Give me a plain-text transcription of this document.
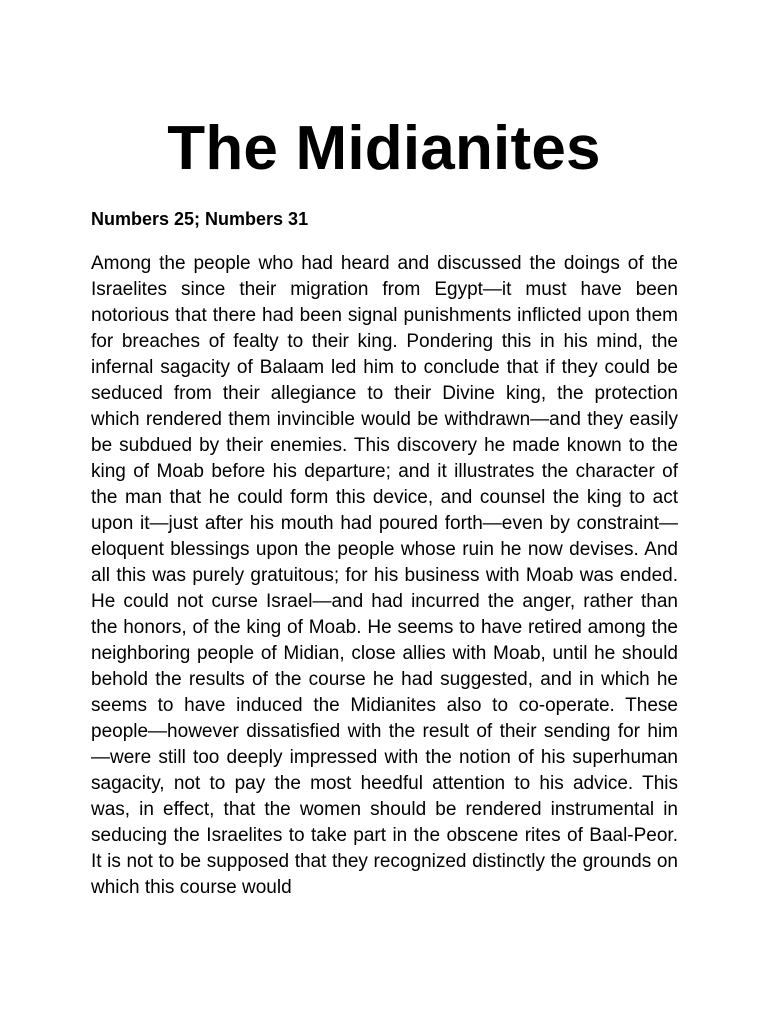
The Midianites

Numbers 25; Numbers 31

Among the people who had heard and discussed the doings of the Israelites since their migration from Egypt—it must have been notorious that there had been signal punishments inflicted upon them for breaches of fealty to their king. Pondering this in his mind, the infernal sagacity of Balaam led him to conclude that if they could be seduced from their allegiance to their Divine king, the protection which rendered them invincible would be withdrawn—and they easily be subdued by their enemies. This discovery he made known to the king of Moab before his departure; and it illustrates the character of the man that he could form this device, and counsel the king to act upon it—just after his mouth had poured forth—even by constraint—eloquent blessings upon the people whose ruin he now devises. And all this was purely gratuitous; for his business with Moab was ended. He could not curse Israel—and had incurred the anger, rather than the honors, of the king of Moab. He seems to have retired among the neighboring people of Midian, close allies with Moab, until he should behold the results of the course he had suggested, and in which he seems to have induced the Midianites also to co-operate. These people—however dissatisfied with the result of their sending for him—were still too deeply impressed with the notion of his superhuman sagacity, not to pay the most heedful attention to his advice. This was, in effect, that the women should be rendered instrumental in seducing the Israelites to take part in the obscene rites of Baal-Peor. It is not to be supposed that they recognized distinctly the grounds on which this course would
